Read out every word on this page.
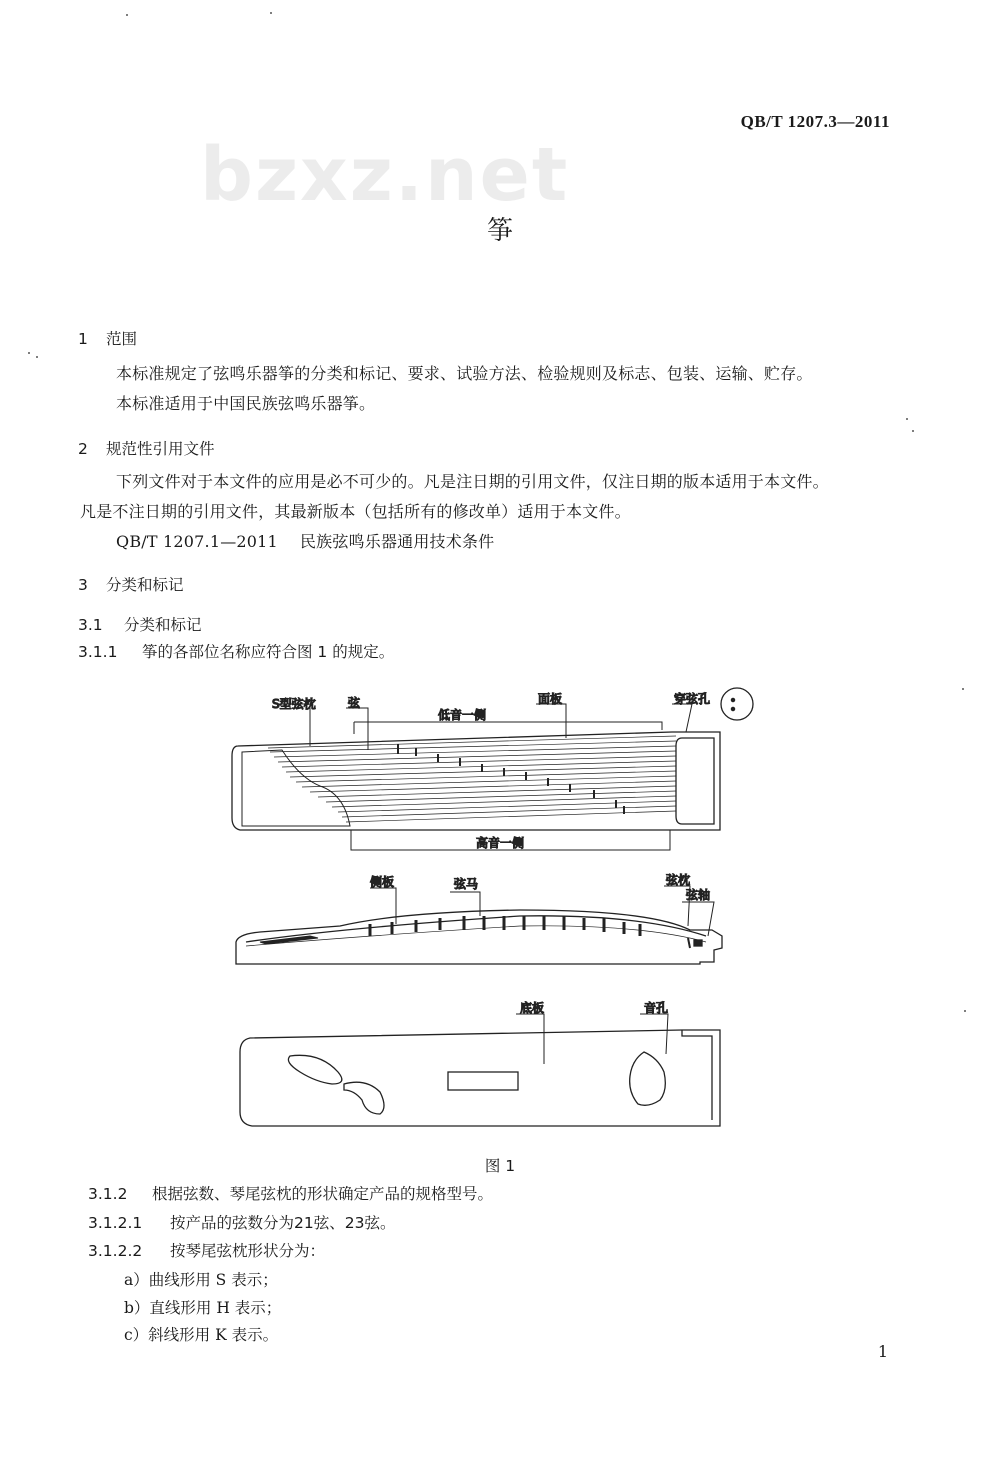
bzxz.net
QB/T 1207.3—2011
筝
1 范围
本标准规定了弦鸣乐器筝的分类和标记、要求、试验方法、检验规则及标志、包装、运输、贮存。
本标准适用于中国民族弦鸣乐器筝。
2 规范性引用文件
下列文件对于本文件的应用是必不可少的。凡是注日期的引用文件，仅注日期的版本适用于本文件。
凡是不注日期的引用文件，其最新版本（包括所有的修改单）适用于本文件。
QB/T 1207.1—2011 民族弦鸣乐器通用技术条件
3 分类和标记
3.1 分类和标记
3.1.1 筝的各部位名称应符合图 1 的规定。
S型弦枕	弦
低音一侧
面板	穿弦孔
高音一侧
侧板	弦马	弦枕
弦轴
底板	音孔
图 1
3.1.2 根据弦数、琴尾弦枕的形状确定产品的规格型号。
3.1.2.1 按产品的弦数分为21弦、23弦。
3.1.2.2 按琴尾弦枕形状分为：
a）曲线形用 S 表示；
b）直线形用 H 表示；
c）斜线形用 K 表示。
1
